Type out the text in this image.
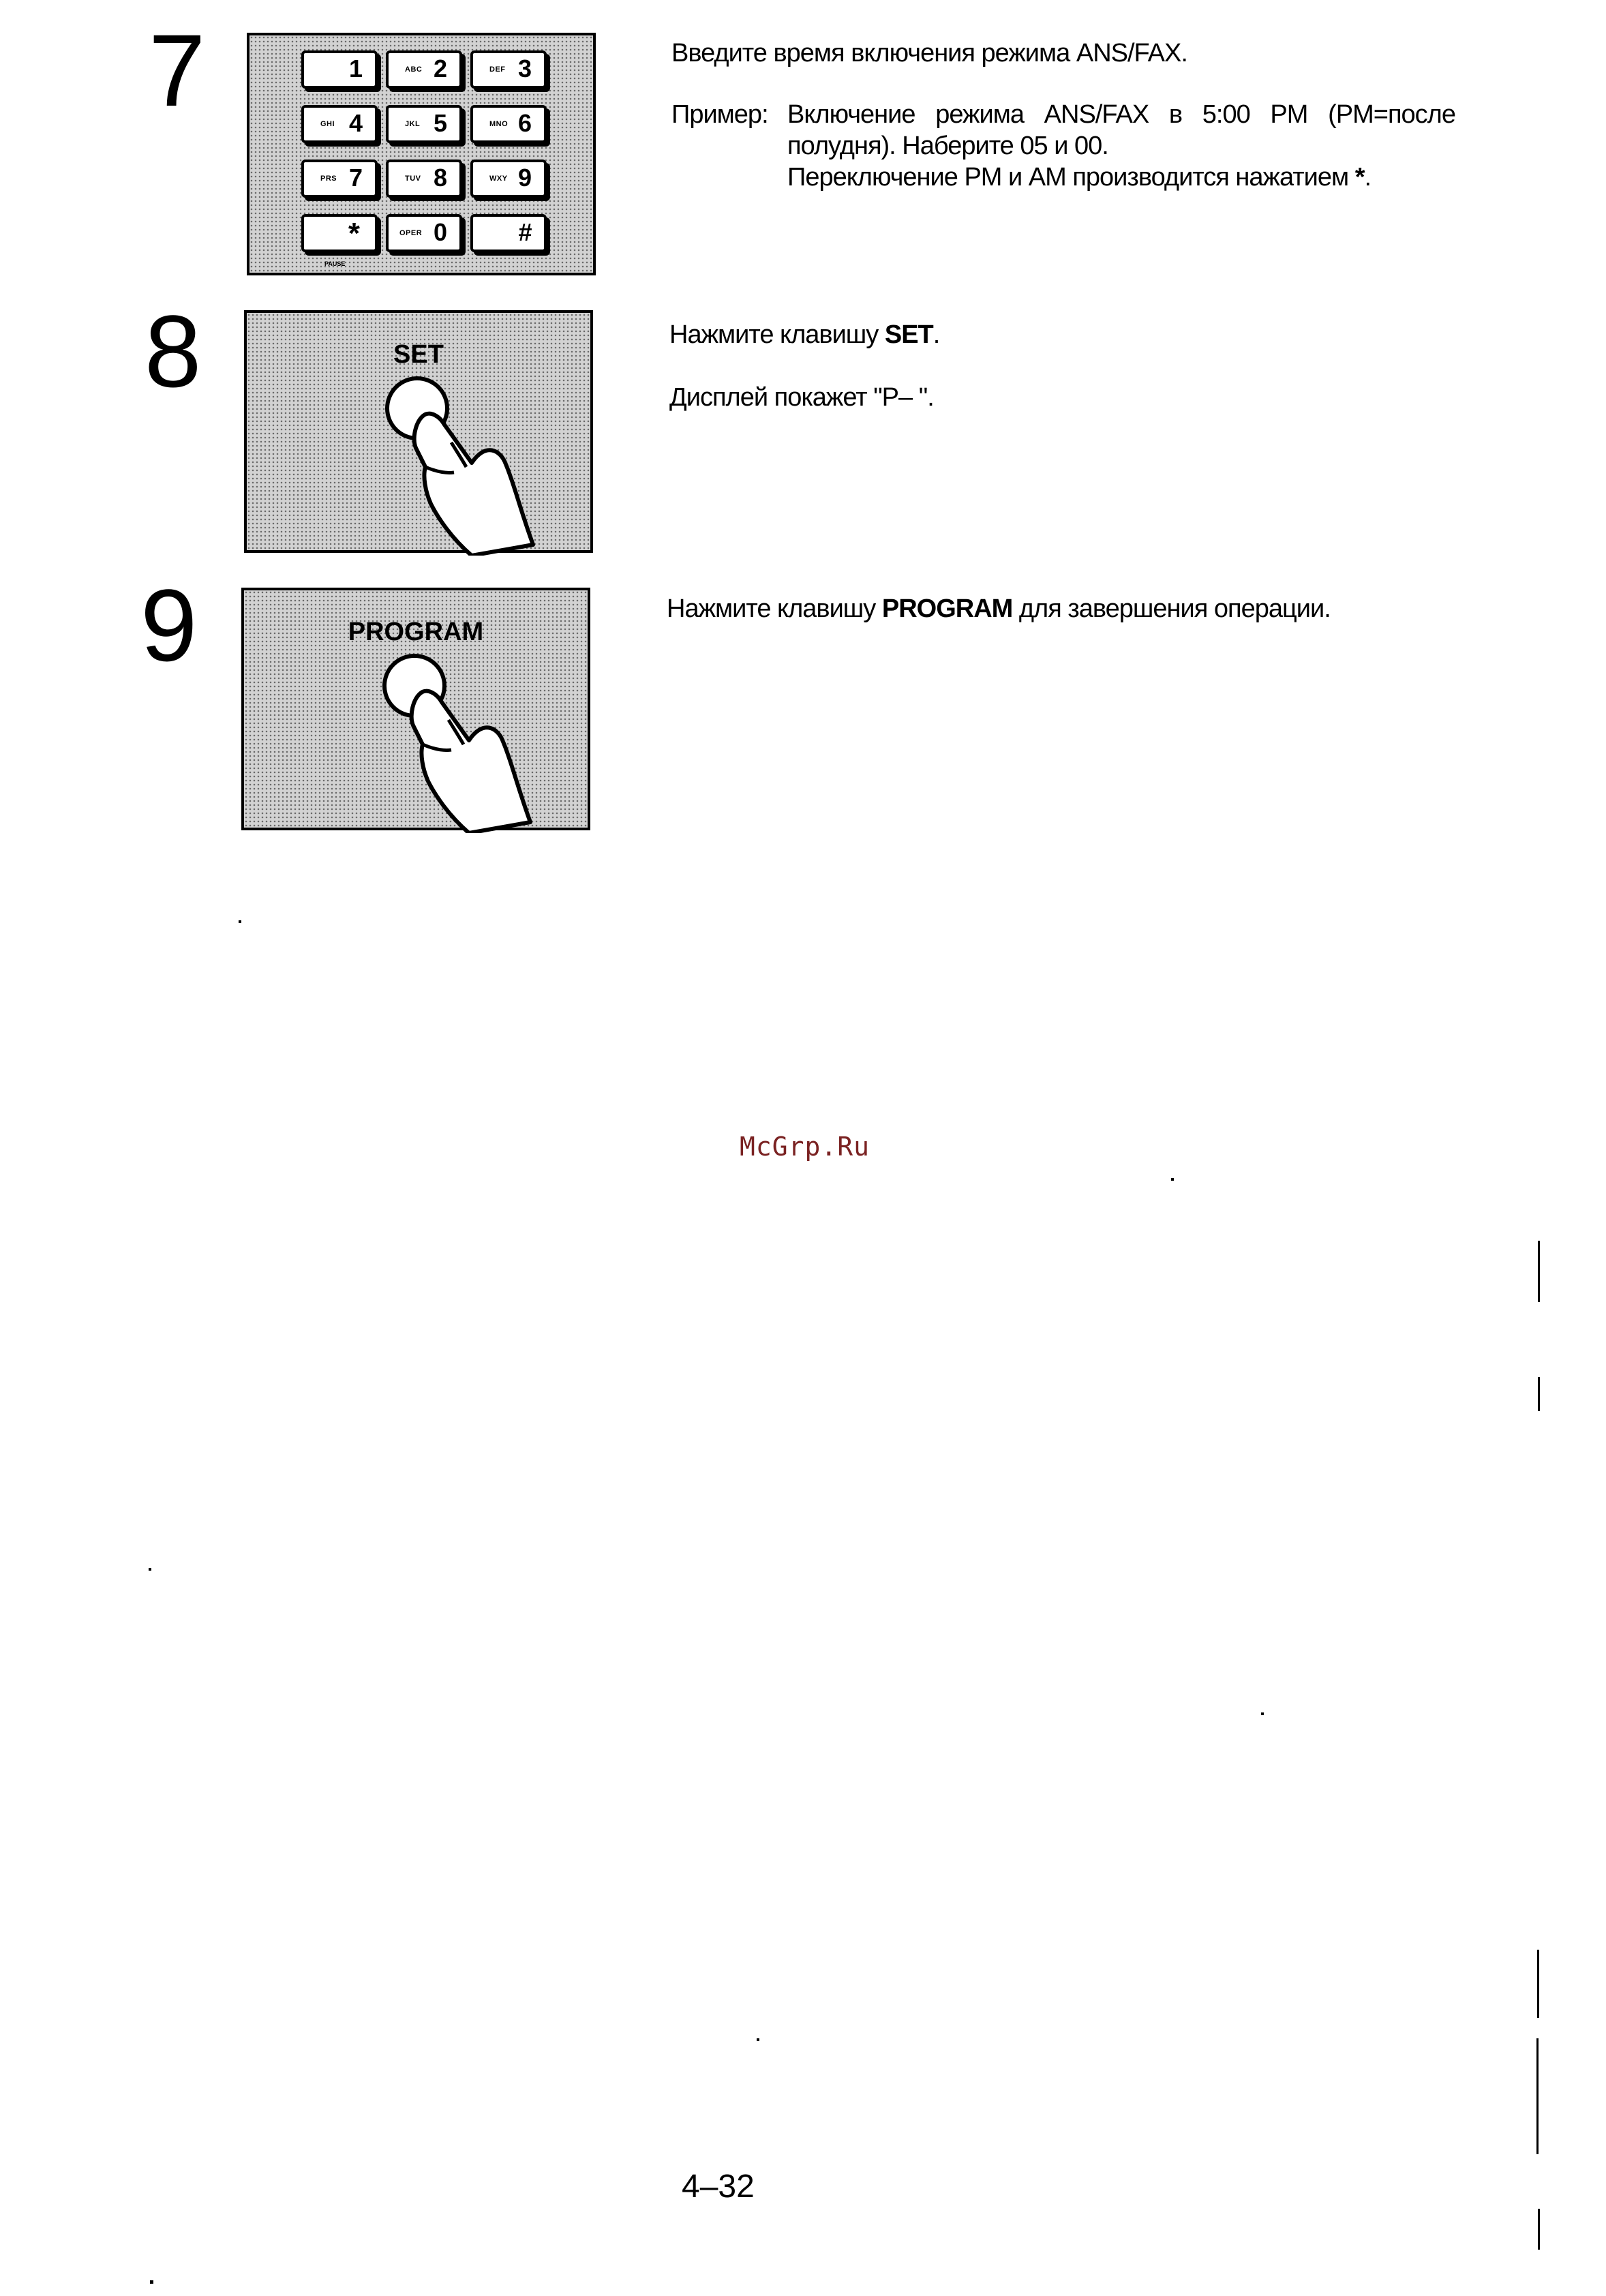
7	1	ABC 2	DEF 3
GHI 4	JKL 5	MNO 6
PRS 7	TUV 8	WXY 9
*	OPER 0	#
PAUSE
Введите время включения режима ANS/FAX.
Пример: Включение режима ANS/FAX в 5:00 PM (PM=после
полудня). Наберите 05 и 00.
Переключение PM и AM производится нажатием *.
8	SET
Нажмите клавишу SET.
Дисплей покажет "P– ".
9	PROGRAM
Нажмите клавишу PROGRAM для завершения операции.
McGrp.Ru
4–32
